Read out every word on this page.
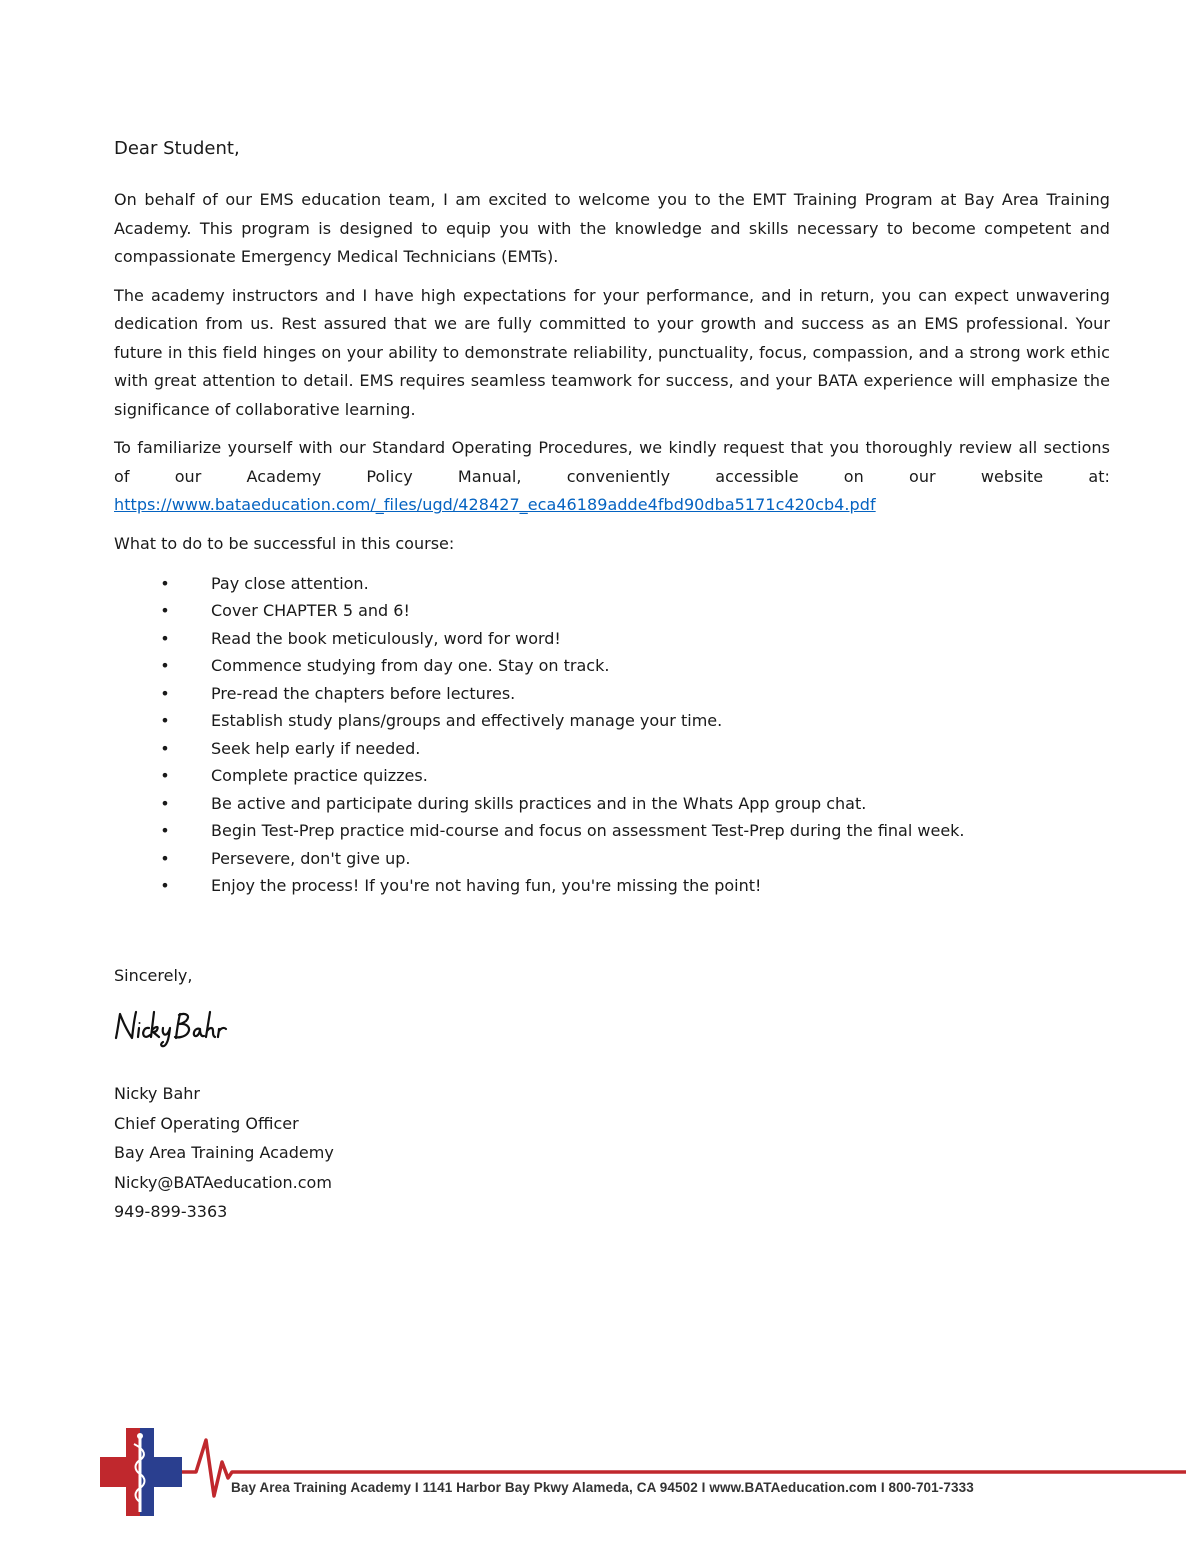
Dear Student,

On behalf of our EMS education team, I am excited to welcome you to the EMT Training Program at Bay Area Training Academy. This program is designed to equip you with the knowledge and skills necessary to become competent and compassionate Emergency Medical Technicians (EMTs).

The academy instructors and I have high expectations for your performance, and in return, you can expect unwavering dedication from us. Rest assured that we are fully committed to your growth and success as an EMS professional. Your future in this field hinges on your ability to demonstrate reliability, punctuality, focus, compassion, and a strong work ethic with great attention to detail. EMS requires seamless teamwork for success, and your BATA experience will emphasize the significance of collaborative learning.

To familiarize yourself with our Standard Operating Procedures, we kindly request that you thoroughly review all sections of our Academy Policy Manual, conveniently accessible on our website at: https://www.bataeducation.com/_files/ugd/428427_eca46189adde4fbd90dba5171c420cb4.pdf

What to do to be successful in this course:
•	Pay close attention.
•	Cover CHAPTER 5 and 6!
•	Read the book meticulously, word for word!
•	Commence studying from day one. Stay on track.
•	Pre-read the chapters before lectures.
•	Establish study plans/groups and effectively manage your time.
•	Seek help early if needed.
•	Complete practice quizzes.
•	Be active and participate during skills practices and in the Whats App group chat.
•	Begin Test-Prep practice mid-course and focus on assessment Test-Prep during the final week.
•	Persevere, don't give up.
•	Enjoy the process! If you're not having fun, you're missing the point!
Sincerely,
Nicky Bahr
Chief Operating Officer
Bay Area Training Academy
Nicky@BATAeducation.com
949-899-3363
Bay Area Training Academy I 1141 Harbor Bay Pkwy Alameda, CA 94502 I www.BATAeducation.com I 800-701-7333
